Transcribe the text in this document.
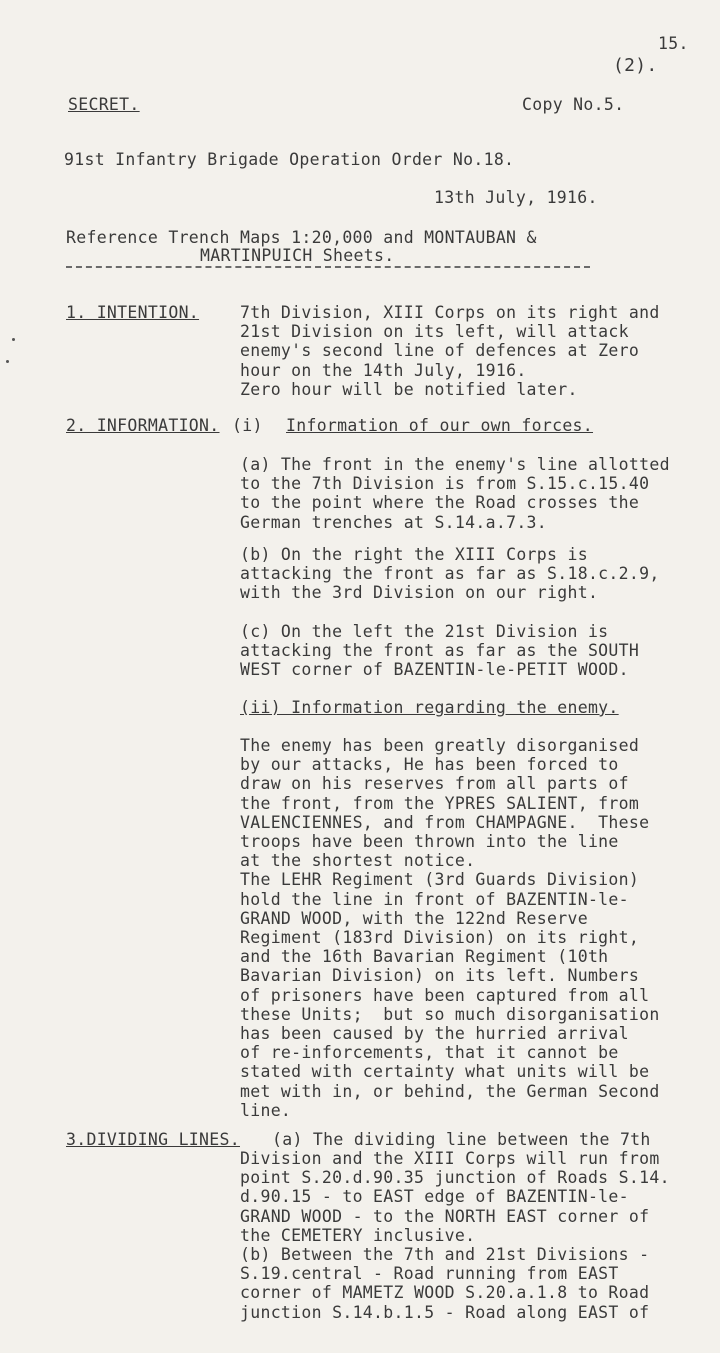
15.
(2).
SECRET.	Copy No.5.
91st Infantry Brigade Operation Order No.18.
13th July, 1916.
Reference Trench Maps 1:20,000 and MONTAUBAN &
MARTINPUICH Sheets.
1. INTENTION. 7th Division, XIII Corps on its right and
21st Division on its left, will attack
enemy's second line of defences at Zero
hour on the 14th July, 1916.
Zero hour will be notified later.
2. INFORMATION. (i) Information of our own forces.
(a) The front in the enemy's line allotted
to the 7th Division is from S.15.c.15.40
to the point where the Road crosses the
German trenches at S.14.a.7.3.
(b) On the right the XIII Corps is
attacking the front as far as S.18.c.2.9,
with the 3rd Division on our right.
(c) On the left the 21st Division is
attacking the front as far as the SOUTH
WEST corner of BAZENTIN-le-PETIT WOOD.
(ii) Information regarding the enemy.
The enemy has been greatly disorganised
by our attacks, He has been forced to
draw on his reserves from all parts of
the front, from the YPRES SALIENT, from
VALENCIENNES, and from CHAMPAGNE.  These
troops have been thrown into the line
at the shortest notice.
The LEHR Regiment (3rd Guards Division)
hold the line in front of BAZENTIN-le-
GRAND WOOD, with the 122nd Reserve
Regiment (183rd Division) on its right,
and the 16th Bavarian Regiment (10th
Bavarian Division) on its left. Numbers
of prisoners have been captured from all
these Units;  but so much disorganisation
has been caused by the hurried arrival
of re-inforcements, that it cannot be
stated with certainty what units will be
met with in, or behind, the German Second
line.
3.DIVIDING LINES. (a) The dividing line between the 7th
Division and the XIII Corps will run from
point S.20.d.90.35 junction of Roads S.14.
d.90.15 - to EAST edge of BAZENTIN-le-
GRAND WOOD - to the NORTH EAST corner of
the CEMETERY inclusive.
(b) Between the 7th and 21st Divisions -
S.19.central - Road running from EAST
corner of MAMETZ WOOD S.20.a.1.8 to Road
junction S.14.b.1.5 - Road along EAST of
